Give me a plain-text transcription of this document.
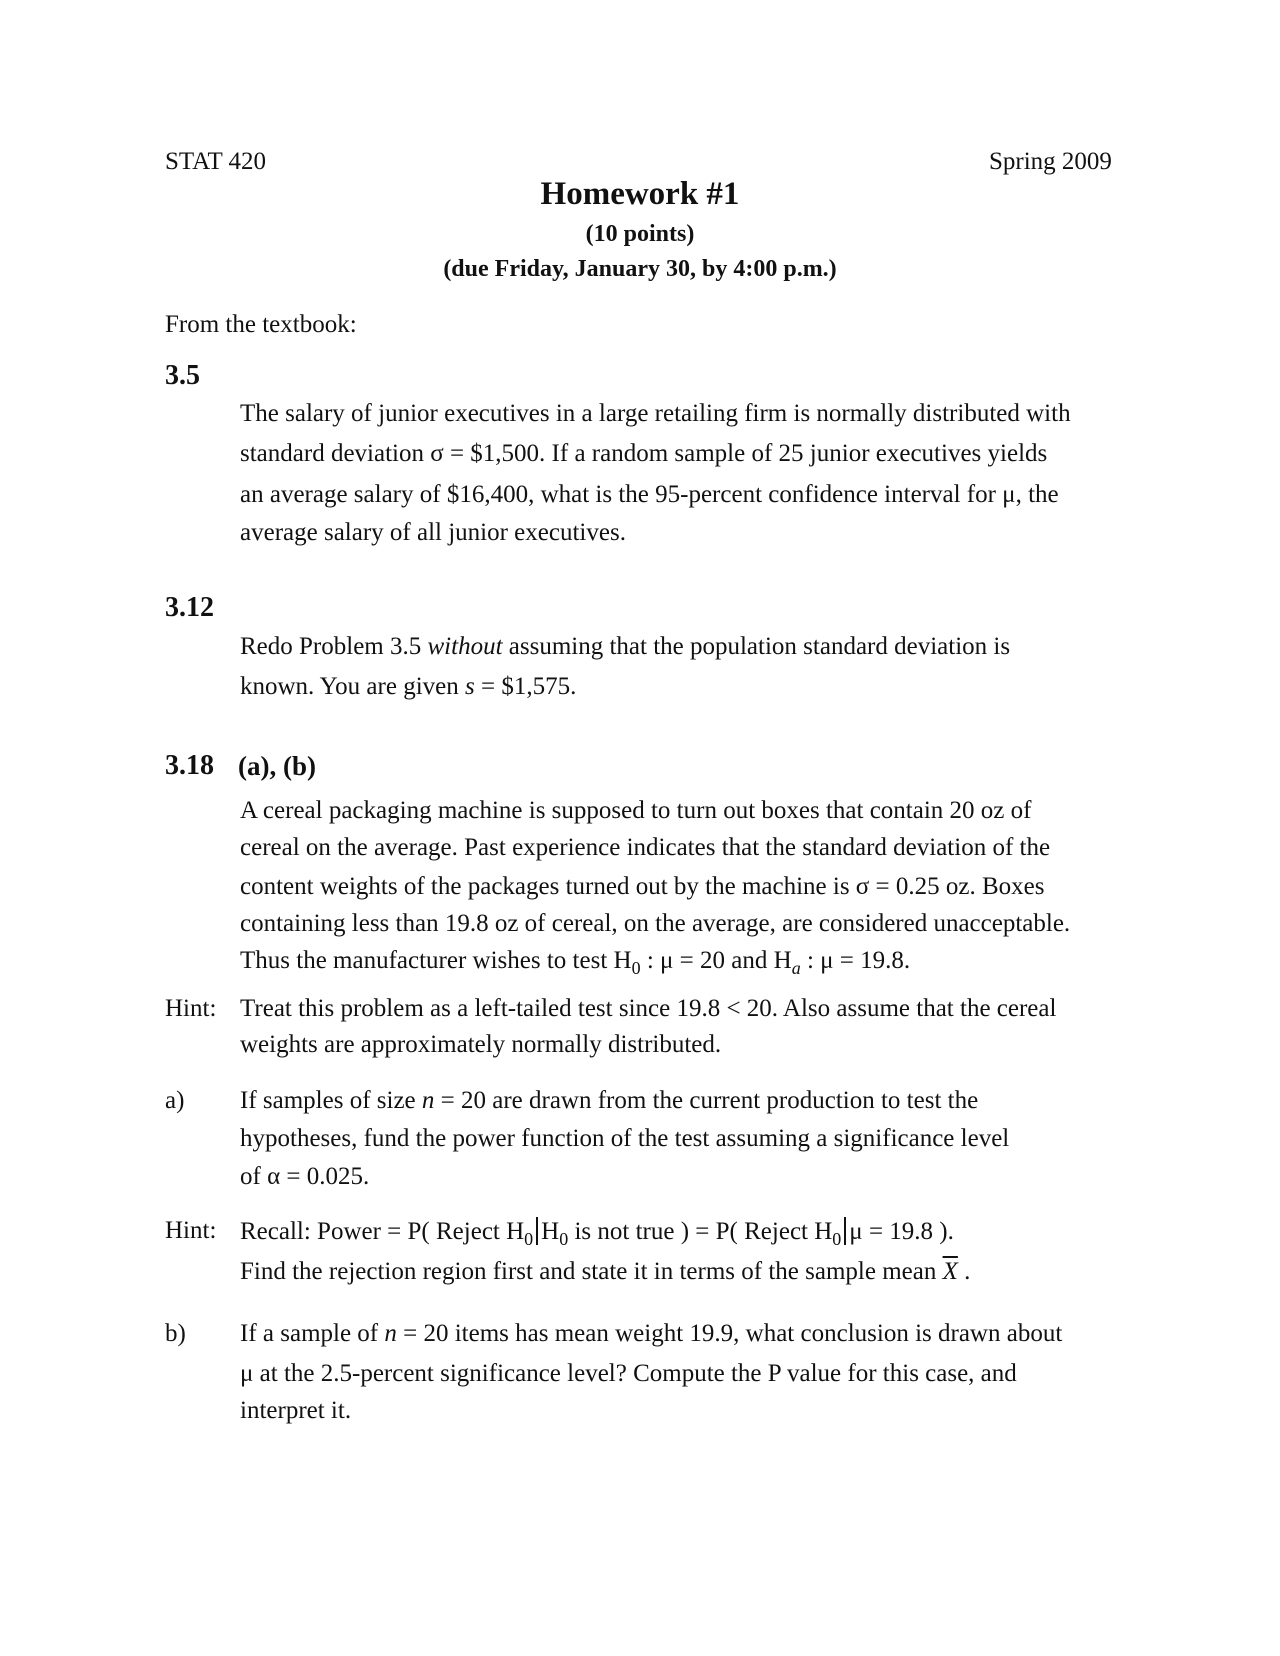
STAT 420	Spring 2009
Homework #1
(10 points)
(due Friday, January 30, by 4:00 p.m.)
From the textbook:
3.5
The salary of junior executives in a large retailing firm is normally distributed with
standard deviation σ = $1,500. If a random sample of 25 junior executives yields
an average salary of $16,400, what is the 95-percent confidence interval for μ, the
average salary of all junior executives.
3.12
Redo Problem 3.5 without assuming that the population standard deviation is
known. You are given s = $1,575.
3.18 (a), (b)
A cereal packaging machine is supposed to turn out boxes that contain 20 oz of
cereal on the average. Past experience indicates that the standard deviation of the
content weights of the packages turned out by the machine is σ = 0.25 oz. Boxes
containing less than 19.8 oz of cereal, on the average, are considered unacceptable.
Thus the manufacturer wishes to test $H_0$ : μ = 20 and $H_a$ : μ = 19.8.
Hint: Treat this problem as a left-tailed test since 19.8 < 20. Also assume that the cereal
weights are approximately normally distributed.
a) If samples of size n = 20 are drawn from the current production to test the
hypotheses, fund the power function of the test assuming a significance level
of α = 0.025.
Hint: Recall: Power = P( Reject $H_0$ $H_0$ is not true ) = P( Reject $H_0$ μ = 19.8 ).
Find the rejection region first and state it in terms of the sample mean $\overline{X}$ .
b) If a sample of n = 20 items has mean weight 19.9, what conclusion is drawn about
μ at the 2.5-percent significance level? Compute the P value for this case, and
interpret it.
